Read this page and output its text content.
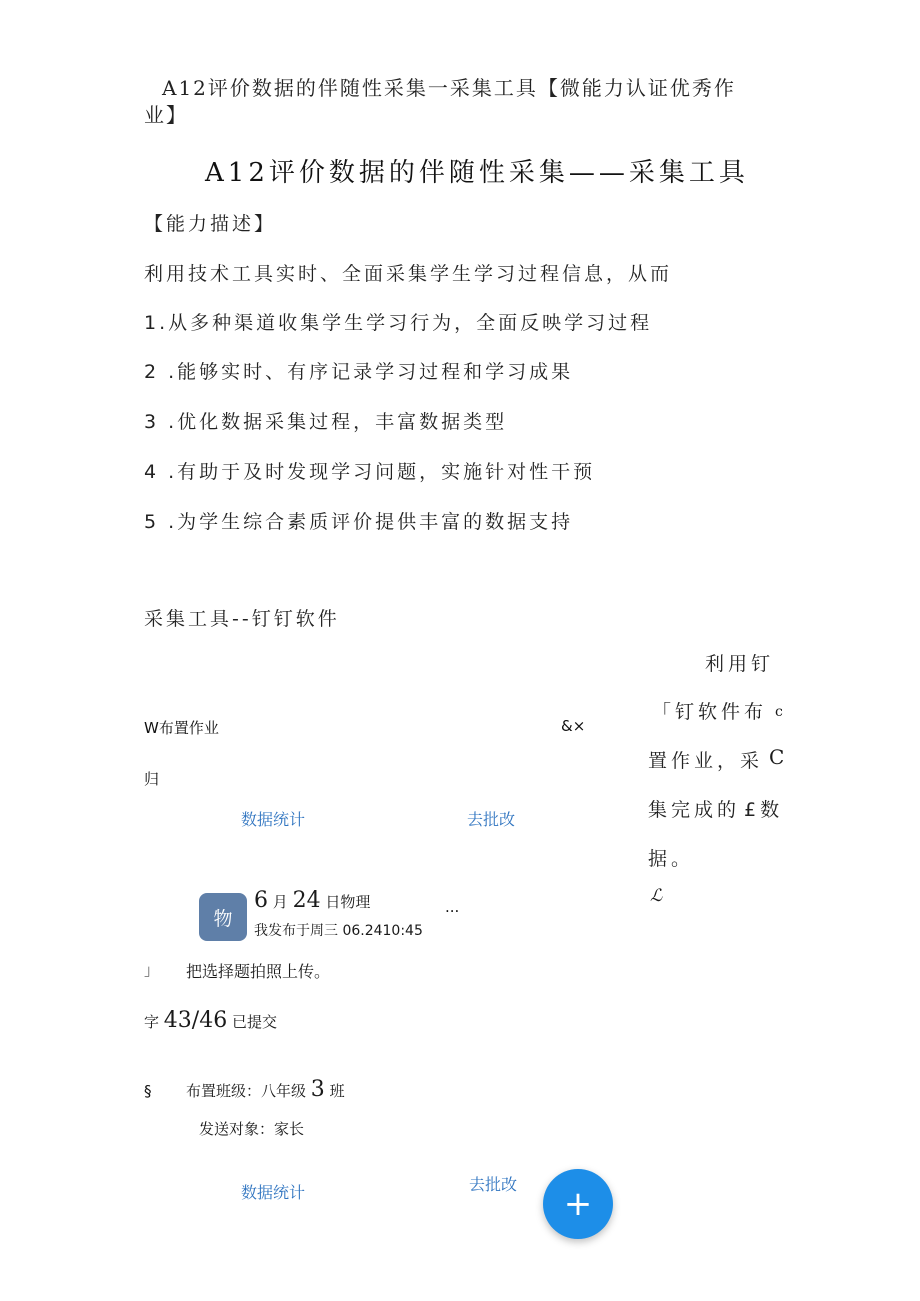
A12评价数据的伴随性采集一采集工具【微能力认证优秀作
业】
A12评价数据的伴随性采集——采集工具
【能力描述】
利用技术工具实时、全面采集学生学习过程信息，从而
1.从多种渠道收集学生学习行为，全面反映学习过程
2 .能够实时、有序记录学习过程和学习成果
3 .优化数据采集过程，丰富数据类型
4 .有助于及时发现学习问题，实施针对性干预
5 .为学生综合素质评价提供丰富的数据支持
采集工具--钉钉软件
利用钉
「钉软件布 c
置作业，采 C
集完成的 £数
据。
ℒ
W布置作业	&×
归
数据统计	去批改
物
6 月 24 日物理	...
我发布于周三 06.2410:45
」 把选择题拍照上传。
字 43/46 已提交
§ 布置班级：八年级 3 班
发送对象：家长
数据统计	去批改	+
